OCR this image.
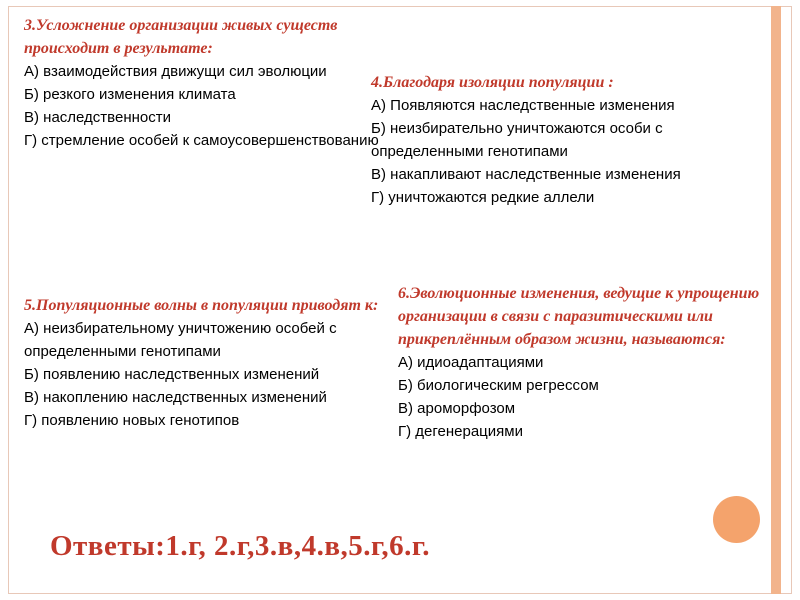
3.Усложнение организации живых существ происходит в результате:
А) взаимодействия движущи сил эволюции
Б) резкого изменения климата
В) наследственности
Г) стремление особей к самоусовершенствованию
4.Благодаря изоляции популяции :
А) Появляются наследственные изменения
Б) неизбирательно уничтожаются особи с определенными генотипами
В) накапливают наследственные изменения
Г) уничтожаются редкие аллели
5.Популяционные волны в популяции приводят к:
А) неизбирательному уничтожению особей с определенными генотипами
Б) появлению наследственных изменений
В) накоплению наследственных изменений
Г) появлению новых генотипов
6.Эволюционные изменения, ведущие к упрощению организации в связи с паразитическими или прикреплённым образом жизни, называются:
А) идиоадаптациями
Б) биологическим регрессом
В) ароморфозом
Г) дегенерациями
Ответы:1.г, 2.г,3.в,4.в,5.г,6.г.
